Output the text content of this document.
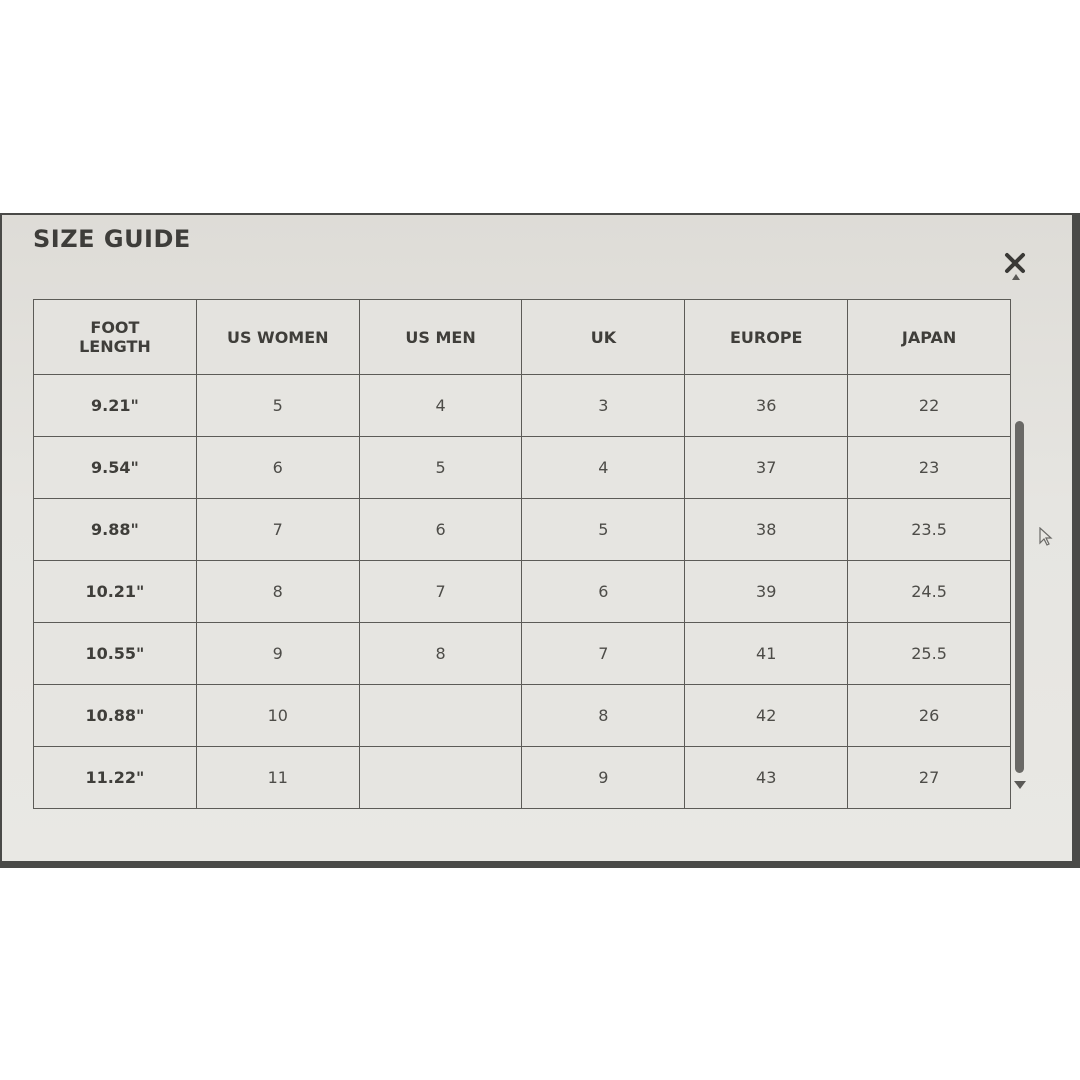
SIZE GUIDE
FOOT
LENGTH	US WOMEN	US MEN	UK	EUROPE	JAPAN
9.21"	5	4	3	36	22
9.54"	6	5	4	37	23
9.88"	7	6	5	38	23.5
10.21"	8	7	6	39	24.5
10.55"	9	8	7	41	25.5
10.88"	10		8	42	26
11.22"	11		9	43	27
